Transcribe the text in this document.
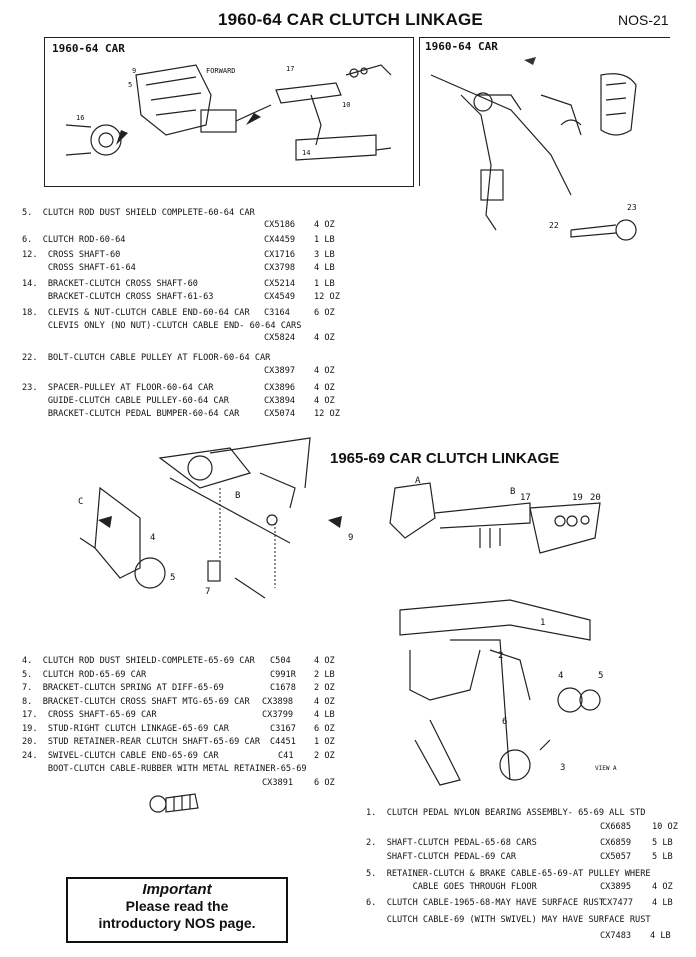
1960-64 CAR CLUTCH LINKAGE	NOS-21
1960-64 CAR	1960-64 CAR
9	17
10
14
FORWARD
5
16
22
23
5.  CLUTCH ROD DUST SHIELD COMPLETE-60-64 CAR
CX5186 4 OZ
6.  CLUTCH ROD-60-64	CX4459 1 LB
12.  CROSS SHAFT-60	CX1716 3 LB
CROSS SHAFT-61-64	CX3798 4 LB
14.  BRACKET-CLUTCH CROSS SHAFT-60	CX5214 1 LB
BRACKET-CLUTCH CROSS SHAFT-61-63	CX4549 12 OZ
18.  CLEVIS & NUT-CLUTCH CABLE END-60-64 CAR C3164	6 OZ
CLEVIS ONLY (NO NUT)-CLUTCH CABLE END- 60-64 CARS
CX5824 4 OZ
22.  BOLT-CLUTCH CABLE PULLEY AT FLOOR-60-64 CAR
CX3897 4 OZ
23.  SPACER-PULLEY AT FLOOR-60-64 CAR	CX3896 4 OZ
GUIDE-CLUTCH CABLE PULLEY-60-64 CAR	CX3894 4 OZ
BRACKET-CLUTCH PEDAL BUMPER-60-64 CAR	CX5074 12 OZ
1965-69 CAR CLUTCH LINKAGE
C
4
5
7
B
A
9
17	19 20
B
1
2
5
6
4
3	VIEW A
4.  CLUTCH ROD DUST SHIELD-COMPLETE-65-69 CAR C504	4 OZ
5.  CLUTCH ROD-65-69 CAR	C991R 2 LB
7.  BRACKET-CLUTCH SPRING AT DIFF-65-69	C1678 2 OZ
8.  BRACKET-CLUTCH CROSS SHAFT MTG-65-69 CAR CX3898 4 OZ
17.  CROSS SHAFT-65-69 CAR	CX3799 4 LB
19.  STUD-RIGHT CLUTCH LINKAGE-65-69 CAR	C3167 6 OZ
20.  STUD RETAINER-REAR CLUTCH SHAFT-65-69 CAR C4451 1 OZ
24.  SWIVEL-CLUTCH CABLE END-65-69 CAR	C41 2 OZ
BOOT-CLUTCH CABLE-RUBBER WITH METAL RETAINER-65-69
CX3891 6 OZ
1.  CLUTCH PEDAL NYLON BEARING ASSEMBLY- 65-69 ALL STD
CX6685 10 OZ
2.  SHAFT-CLUTCH PEDAL-65-68 CARS	CX6859 5 LB
SHAFT-CLUTCH PEDAL-69 CAR	CX5057 5 LB
5.  RETAINER-CLUTCH & BRAKE CABLE-65-69-AT PULLEY WHERE
CABLE GOES THROUGH FLOOR	CX3895 4 OZ
6.  CLUTCH CABLE-1965-68-MAY HAVE SURFACE RUST
CX7477 4 LB
CLUTCH CABLE-69 (WITH SWIVEL) MAY HAVE SURFACE RUST
CX7483 4 LB
Important
Please read the
introductory NOS page.
